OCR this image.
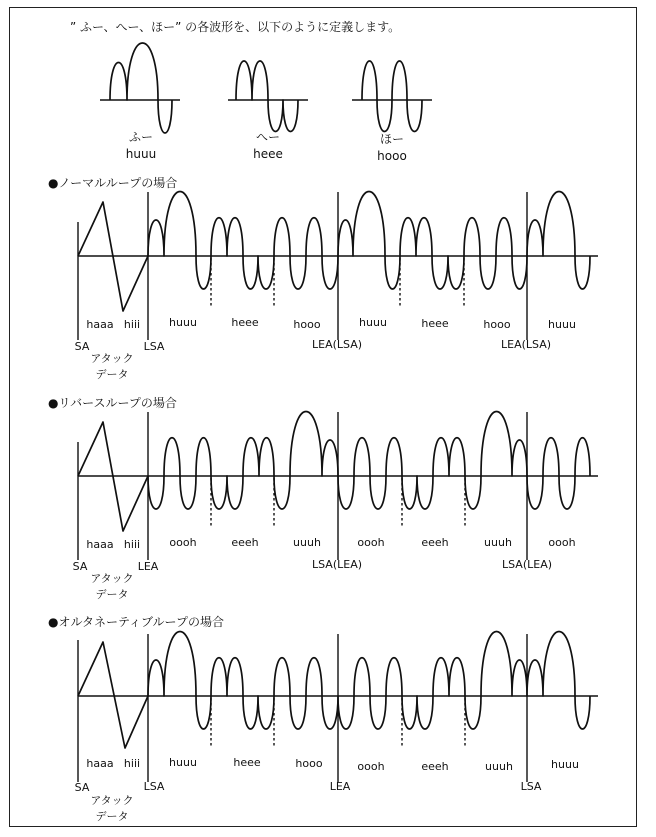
” ふー、へー、ほー” の各波形を、以下のように定義します。
ふー
huuu
へー
heee
ほー
hooo
●ノーマルループの場合
haaa hiii	huuu	heee	hooo	huuu	heee	hooo	huuu
SA	LSA	LEA(LSA)	LEA(LSA)
アタック
データ
●リバースループの場合
haaa hiii	oooh	eeeh	uuuh	oooh	eeeh	uuuh	oooh
SA	LEA	LSA(LEA)	LSA(LEA)
アタック
データ
●オルタネーティブループの場合
haaa hiii	huuu	heee	hooo	oooh	eeeh	uuuh	huuu
SA	LSA	LEA	LSA
アタック
データ
